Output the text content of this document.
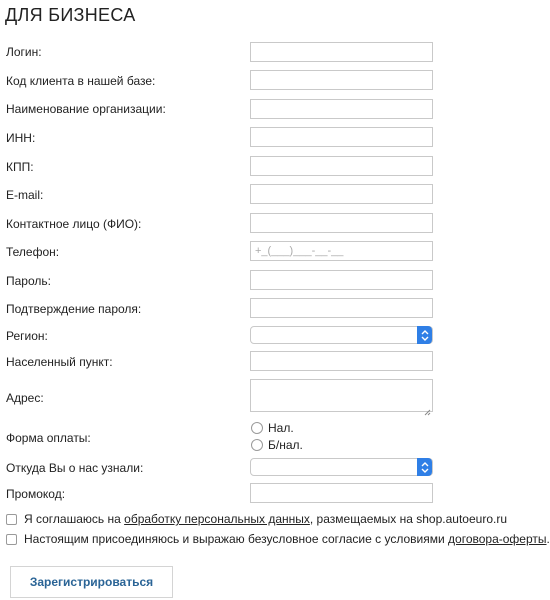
ДЛЯ БИЗНЕСА
Логин:
Код клиента в нашей базе:
Наименование организации:
ИНН:
КПП:
E-mail:
Контактное лицо (ФИО):
Телефон:	+_(___)___-__-__
Пароль:
Подтверждение пароля:
Регион:
Населенный пункт:
Адрес:
Форма оплаты:
Нал.
Б/нал.
Откуда Вы о нас узнали:
Промокод:
Я соглашаюсь на
обработку персональных данных , размещаемых на shop.autoeuro.ru
Настоящим присоединяюсь и выражаю безусловное согласие с условиями
договора-оферты .
Зарегистрироваться
